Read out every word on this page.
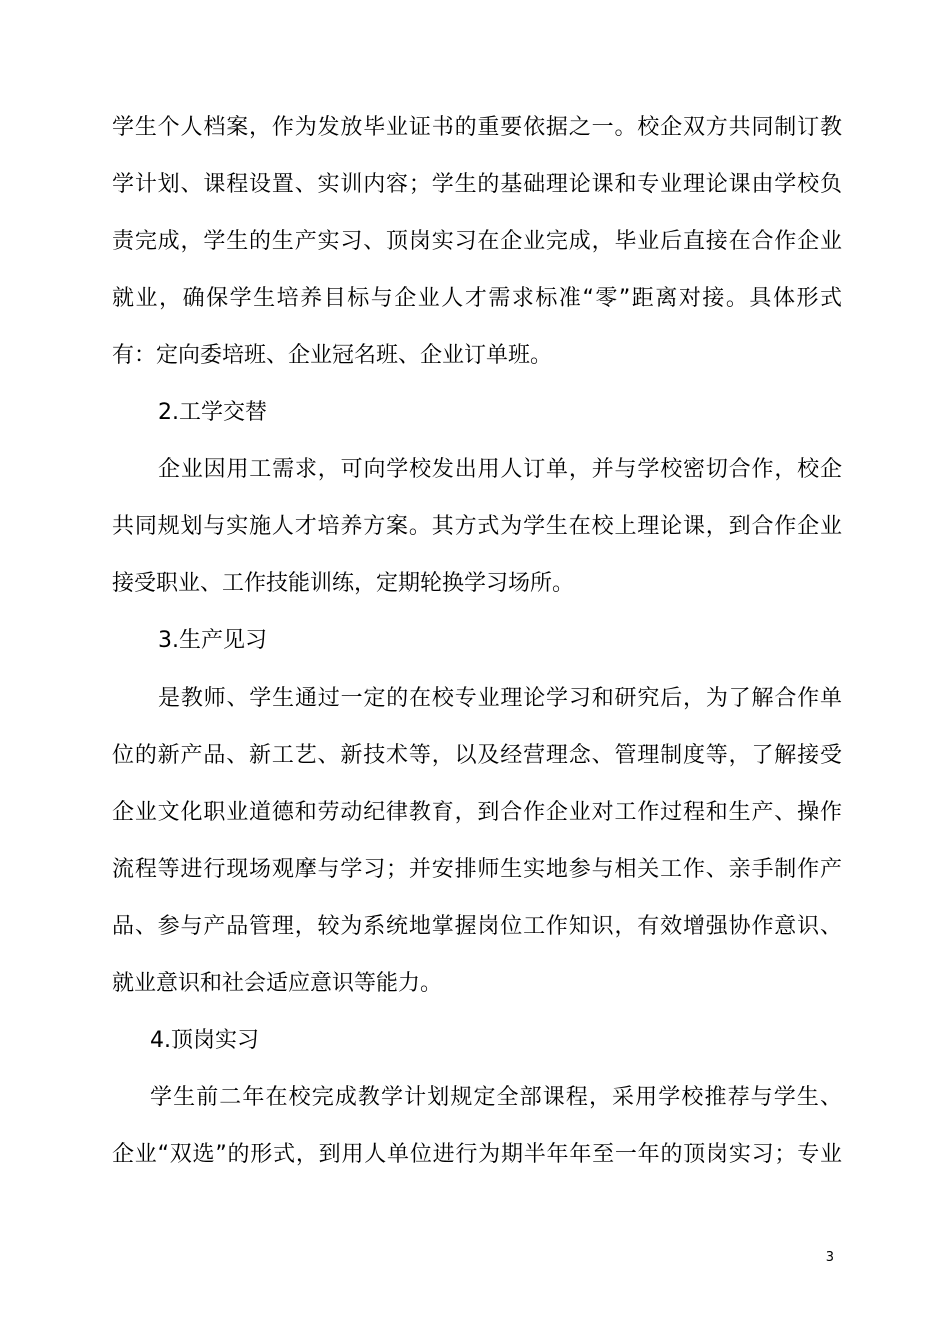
学生个人档案，作为发放毕业证书的重要依据之一。校企双方共同制订教
学计划、课程设置、实训内容；学生的基础理论课和专业理论课由学校负
责完成，学生的生产实习、顶岗实习在企业完成，毕业后直接在合作企业
就业，确保学生培养目标与企业人才需求标准“零”距离对接。具体形式
有：定向委培班、企业冠名班、企业订单班。
2.工学交替
企业因用工需求，可向学校发出用人订单，并与学校密切合作，校企
共同规划与实施人才培养方案。其方式为学生在校上理论课，到合作企业
接受职业、工作技能训练，定期轮换学习场所。
3.生产见习
是教师、学生通过一定的在校专业理论学习和研究后，为了解合作单
位的新产品、新工艺、新技术等，以及经营理念、管理制度等，了解接受
企业文化职业道德和劳动纪律教育，到合作企业对工作过程和生产、操作
流程等进行现场观摩与学习；并安排师生实地参与相关工作、亲手制作产
品、参与产品管理，较为系统地掌握岗位工作知识，有效增强协作意识、
就业意识和社会适应意识等能力。
4.顶岗实习
学生前二年在校完成教学计划规定全部课程，采用学校推荐与学生、
企业“双选”的形式，到用人单位进行为期半年年至一年的顶岗实习；专业
3
